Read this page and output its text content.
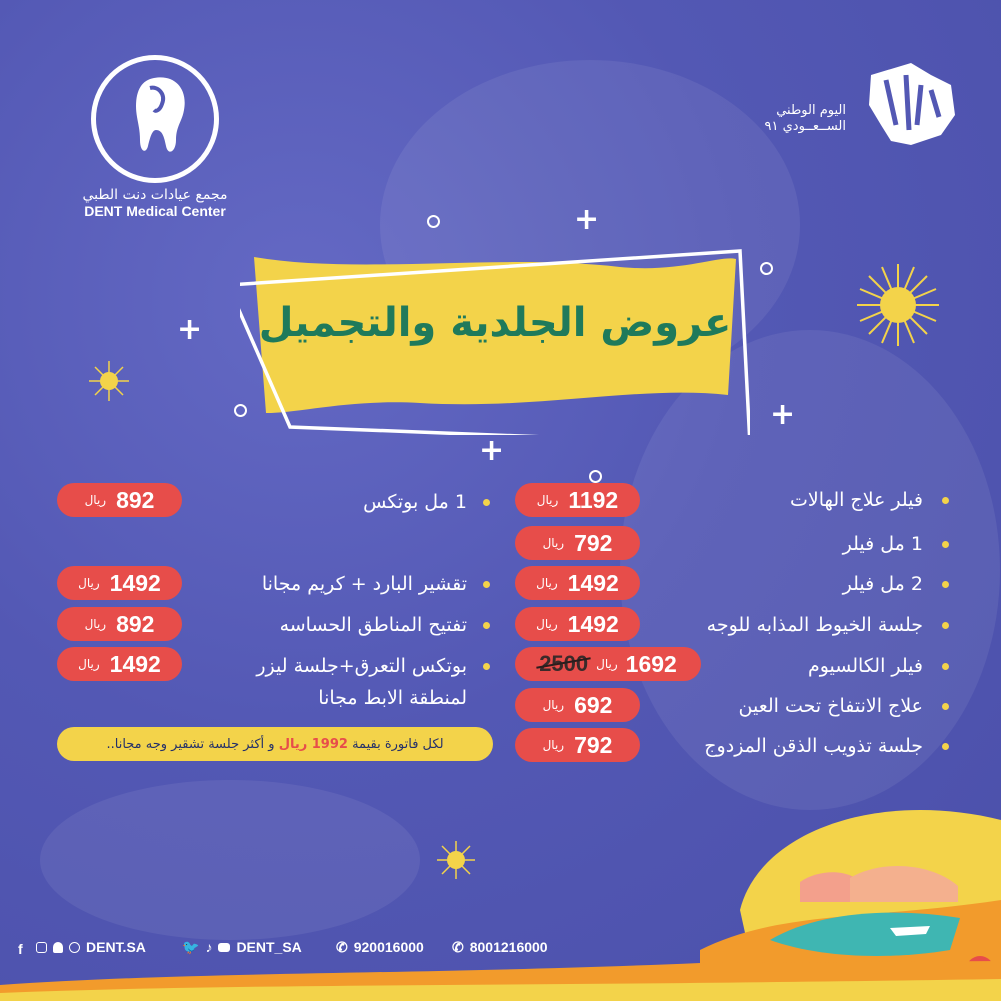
مجمع عيادات دنت الطبي
DENT Medical Center
اليوم الوطني
الســعــودي ٩١
+
+
+
+
عروض الجلدية والتجميل
فيلر علاج الهالات
1192
ريال
1 مل فيلر
792
ريال
2 مل فيلر
1492
ريال
جلسة الخيوط المذابه للوجه
1492
ريال
فيلر الكالسيوم
1692
ريال
2500
علاج الانتفاخ تحت العين
692
ريال
جلسة تذويب الذقن المزدوج
792
ريال
1 مل بوتكس
892
ريال
تقشير البارد + كريم مجانا
1492
ريال
تفتيح المناطق الحساسه
892
ريال
بوتكس التعرق+جلسة ليزر
لمنطقة الابط مجانا
1492
ريال
لكل فاتورة بقيمة

1992 ريال

و أكثر جلسة تشقير وجه مجانا..
f	DENT.SA	🐦 ♪ DENT_SA ✆ 920016000 ✆ 8001216000
